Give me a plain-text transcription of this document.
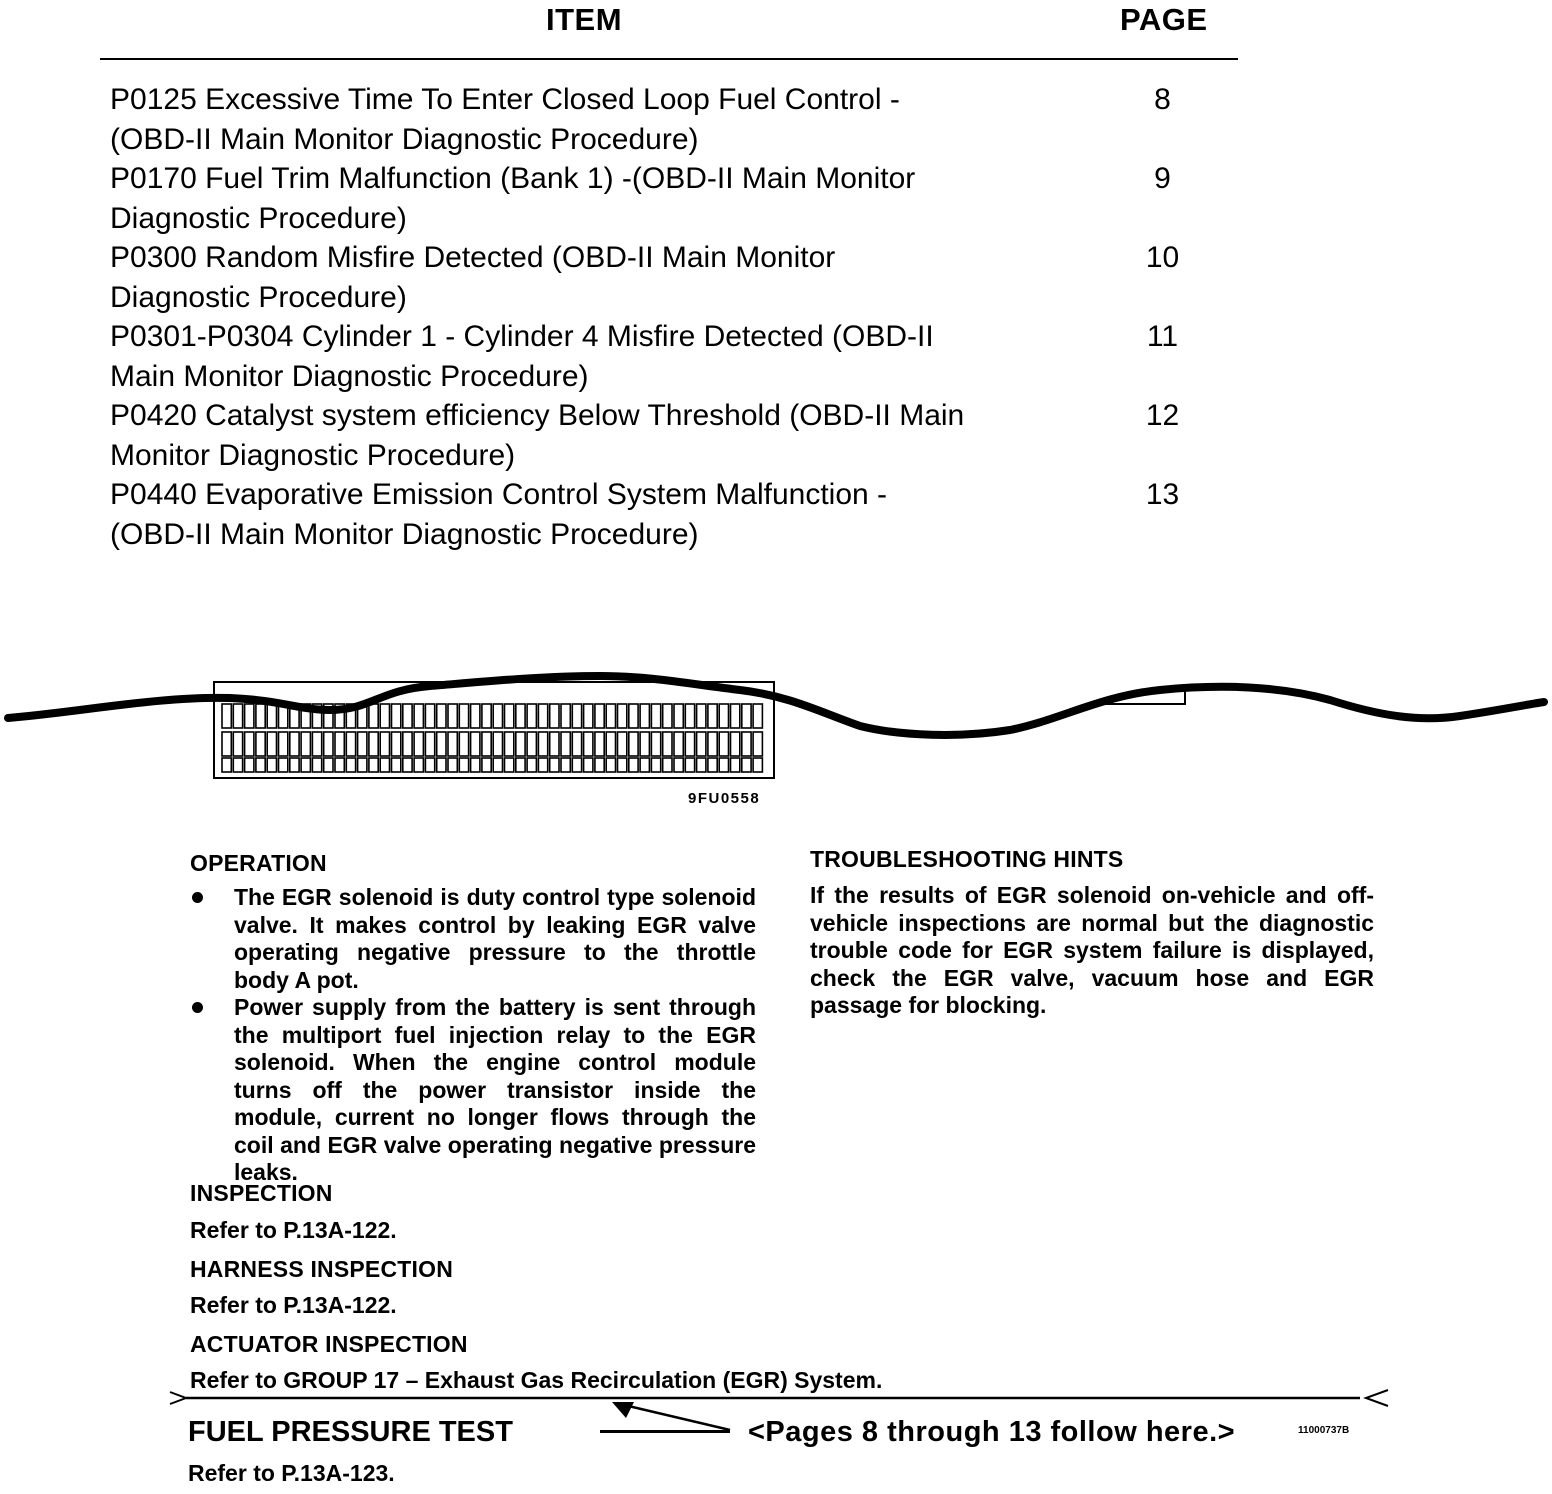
ITEM	PAGE
P0125 Excessive Time To Enter Closed Loop Fuel Control -
(OBD-II Main Monitor Diagnostic Procedure)
8
P0170 Fuel Trim Malfunction (Bank 1) -(OBD-II Main Monitor
Diagnostic Procedure)
9
P0300 Random Misfire Detected (OBD-II Main Monitor
Diagnostic Procedure)
10
P0301-P0304 Cylinder 1 - Cylinder 4 Misfire Detected (OBD-II
Main Monitor Diagnostic Procedure)
11
P0420 Catalyst system efficiency Below Threshold (OBD-II Main
Monitor Diagnostic Procedure)
12
P0440 Evaporative Emission Control System Malfunction -
(OBD-II Main Monitor Diagnostic Procedure)
13
9FU0558
OPERATION
The EGR solenoid is duty control type solenoid valve. It makes control by leaking EGR valve operating negative pressure to the throttle body A pot.
Power supply from the battery is sent through the multiport fuel injection relay to the EGR solenoid. When the engine control module turns off the power transistor inside the module, current no longer flows through the coil and EGR valve operating negative pressure leaks.
TROUBLESHOOTING HINTS
If the results of EGR solenoid on-vehicle and off-vehicle inspections are normal but the diagnostic trouble code for EGR system failure is displayed, check the EGR valve, vacuum hose and EGR passage for blocking.
INSPECTION
Refer to P.13A-122.
HARNESS INSPECTION
Refer to P.13A-122.
ACTUATOR INSPECTION
Refer to GROUP 17 – Exhaust Gas Recirculation (EGR) System.
FUEL PRESSURE TEST
Refer to P.13A-123.
<Pages 8 through 13 follow here.>	11000737B
